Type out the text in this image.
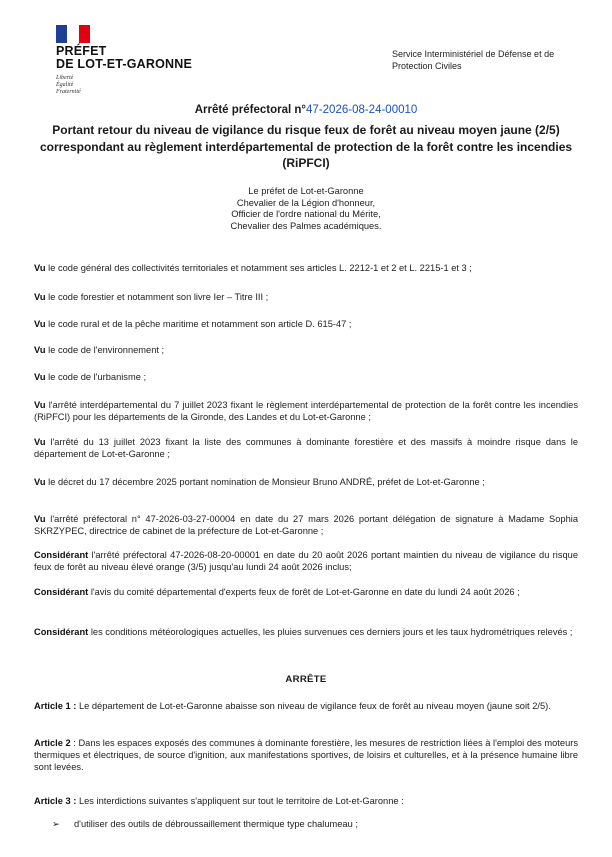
PRÉFET
DE LOT-ET-GARONNE
Liberté
Égalité
Fraternité
Service Interministériel de Défense et de Protection Civiles
Arrêté préfectoral n°47-2026-08-24-00010
Portant retour du niveau de vigilance du risque feux de forêt au niveau moyen jaune (2/5) correspondant au règlement interdépartemental de protection de la forêt contre les incendies (RiPFCI)
Le préfet de Lot-et-Garonne
Chevalier de la Légion d'honneur,
Officier de l'ordre national du Mérite,
Chevalier des Palmes académiques.
Vu le code général des collectivités territoriales et notamment ses articles L. 2212-1 et 2 et L. 2215-1 et 3 ;
Vu le code forestier et notamment son livre Ier – Titre III ;
Vu le code rural et de la pêche maritime et notamment son article D. 615-47 ;
Vu le code de l'environnement ;
Vu le code de l'urbanisme ;
Vu l'arrêté interdépartemental du 7 juillet 2023 fixant le règlement interdépartemental de protection de la forêt contre les incendies (RiPFCI) pour les départements de la Gironde, des Landes et du Lot-et-Garonne ;
Vu l'arrêté du 13 juillet 2023 fixant la liste des communes à dominante forestière et des massifs à moindre risque dans le département de Lot-et-Garonne ;
Vu le décret du 17 décembre 2025 portant nomination de Monsieur Bruno ANDRÉ, préfet de Lot-et-Garonne ;
Vu l'arrêté préfectoral n° 47-2026-03-27-00004 en date du 27 mars 2026 portant délégation de signature à Madame Sophia SKRZYPEC, directrice de cabinet de la préfecture de Lot-et-Garonne ;
Considérant l'arrêté préfectoral 47-2026-08-20-00001 en date du 20 août 2026 portant maintien du niveau de vigilance du risque feux de forêt au niveau élevé orange (3/5) jusqu'au lundi 24 août 2026 inclus;
Considérant l'avis du comité départemental d'experts feux de forêt de Lot-et-Garonne en date du lundi 24 août 2026 ;
Considérant les conditions météorologiques actuelles, les pluies survenues ces derniers jours et les taux hydrométriques relevés ;
ARRÊTE
Article 1 : Le département de Lot-et-Garonne abaisse son niveau de vigilance feux de forêt au niveau moyen (jaune soit 2/5).
Article 2 : Dans les espaces exposés des communes à dominante forestière, les mesures de restriction liées à l'emploi des moteurs thermiques et électriques, de source d'ignition, aux manifestations sportives, de loisirs et culturelles, et à la présence humaine libre sont levées.
Article 3 : Les interdictions suivantes s'appliquent sur tout le territoire de Lot-et-Garonne :
➢ d'utiliser des outils de débroussaillement thermique type chalumeau ;
